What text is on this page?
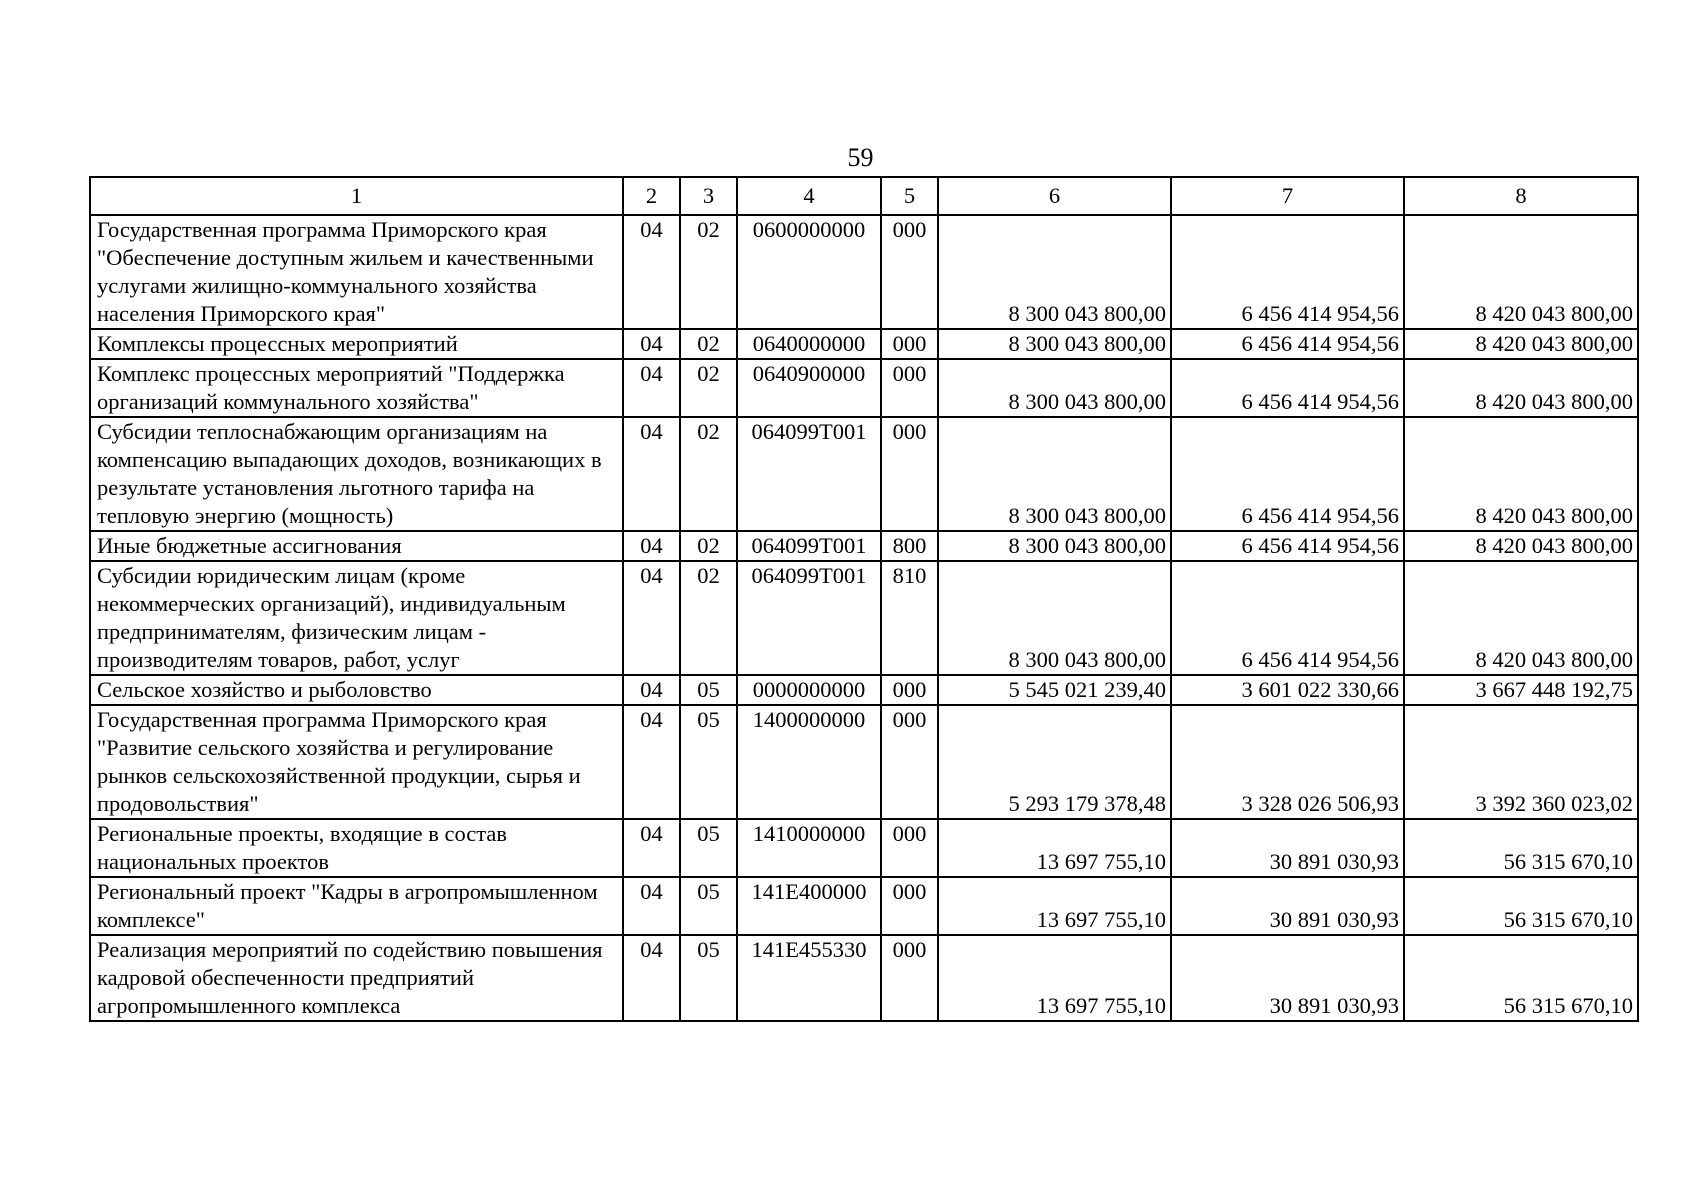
59
1	2	3	4	5	6	7	8
Государственная программа Приморского края "Обеспечение доступным жильем и качественными услугами жилищно-коммунального хозяйства населения Приморского края"	04	02	0600000000	000	8 300 043 800,00	6 456 414 954,56	8 420 043 800,00
Комплексы процессных мероприятий	04	02	0640000000	000	8 300 043 800,00	6 456 414 954,56	8 420 043 800,00
Комплекс процессных мероприятий "Поддержка организаций коммунального хозяйства"	04	02	0640900000	000	8 300 043 800,00	6 456 414 954,56	8 420 043 800,00
Субсидии теплоснабжающим организациям на компенсацию выпадающих доходов, возникающих в результате установления льготного тарифа на тепловую энергию (мощность)	04	02	064099Т001	000	8 300 043 800,00	6 456 414 954,56	8 420 043 800,00
Иные бюджетные ассигнования	04	02	064099Т001	800	8 300 043 800,00	6 456 414 954,56	8 420 043 800,00
Субсидии юридическим лицам (кроме некоммерческих организаций), индивидуальным предпринимателям, физическим лицам - производителям товаров, работ, услуг	04	02	064099Т001	810	8 300 043 800,00	6 456 414 954,56	8 420 043 800,00
Сельское хозяйство и рыболовство	04	05	0000000000	000	5 545 021 239,40	3 601 022 330,66	3 667 448 192,75
Государственная программа Приморского края "Развитие сельского хозяйства и регулирование рынков сельскохозяйственной продукции, сырья и продовольствия"	04	05	1400000000	000	5 293 179 378,48	3 328 026 506,93	3 392 360 023,02
Региональные проекты, входящие в состав национальных проектов	04	05	1410000000	000	13 697 755,10	30 891 030,93	56 315 670,10
Региональный проект "Кадры в агропромышленном комплексе"	04	05	141Е400000	000	13 697 755,10	30 891 030,93	56 315 670,10
Реализация мероприятий по содействию повышения кадровой обеспеченности предприятий агропромышленного комплекса	04	05	141Е455330	000	13 697 755,10	30 891 030,93	56 315 670,10
